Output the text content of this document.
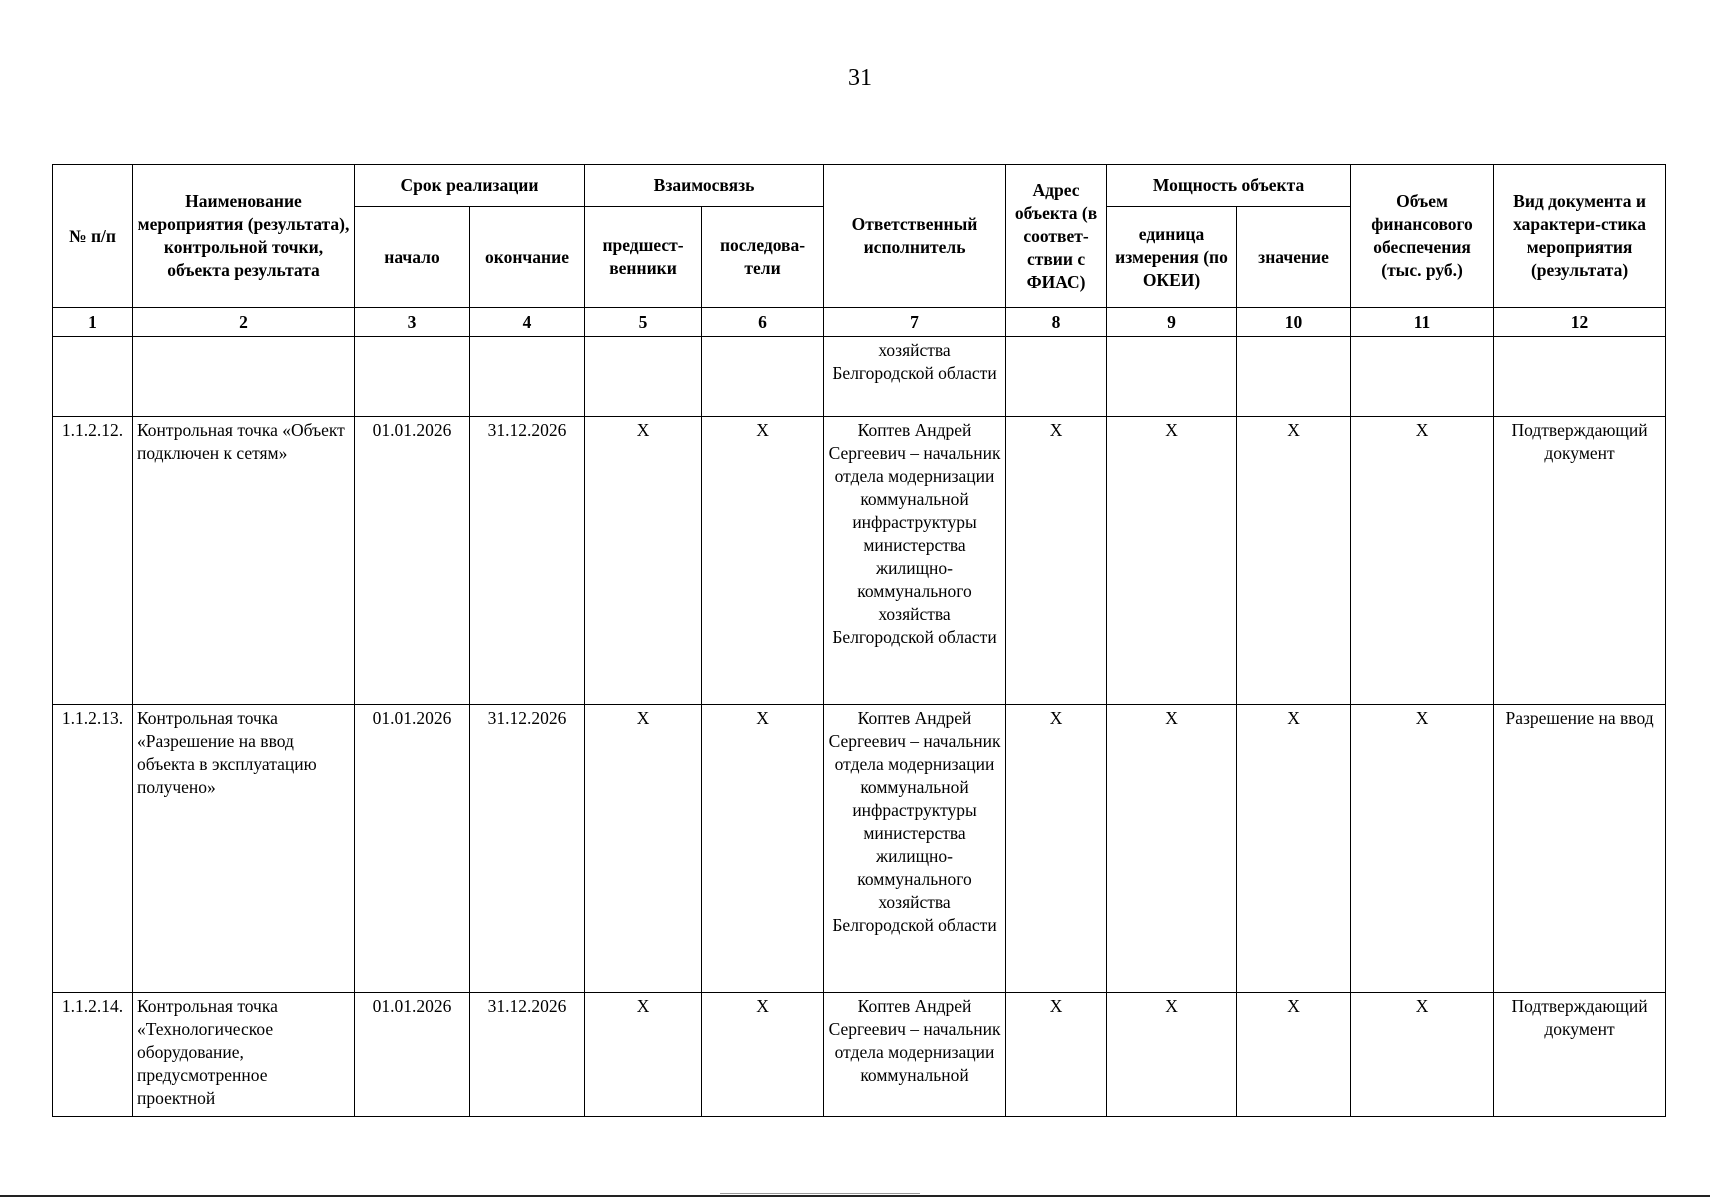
31
№ п/п	Наименование мероприятия (результата), контрольной точки, объекта результата	Срок реализации		Взаимосвязь		Ответственный исполнитель	Адрес объекта (в соответ-ствии с ФИАС)	Мощность объекта		Объем финансового обеспечения (тыс. руб.)	Вид документа и характери-стика мероприятия (результата)
		начало	окончание	предшест-венники	последова-тели			единица измерения (по ОКЕИ)	значение		
1	2	3	4	5	6	7	8	9	10	11	12
						хозяйства Белгородской области					
1.1.2.12.	Контрольная точка «Объект подключен к сетям»	01.01.2026	31.12.2026	X	X	Коптев Андрей Сергеевич – начальник отдела модернизации коммунальной инфраструктуры министерства жилищно-коммунального хозяйства Белгородской области	X	X	X	X	Подтверждающий документ
1.1.2.13.	Контрольная точка «Разрешение на ввод объекта в эксплуатацию получено»	01.01.2026	31.12.2026	X	X	Коптев Андрей Сергеевич – начальник отдела модернизации коммунальной инфраструктуры министерства жилищно-коммунального хозяйства Белгородской области	X	X	X	X	Разрешение на ввод
1.1.2.14.	Контрольная точка «Технологическое оборудование, предусмотренное проектной	01.01.2026	31.12.2026	X	X	Коптев Андрей Сергеевич – начальник отдела модернизации коммунальной	X	X	X	X	Подтверждающий документ
